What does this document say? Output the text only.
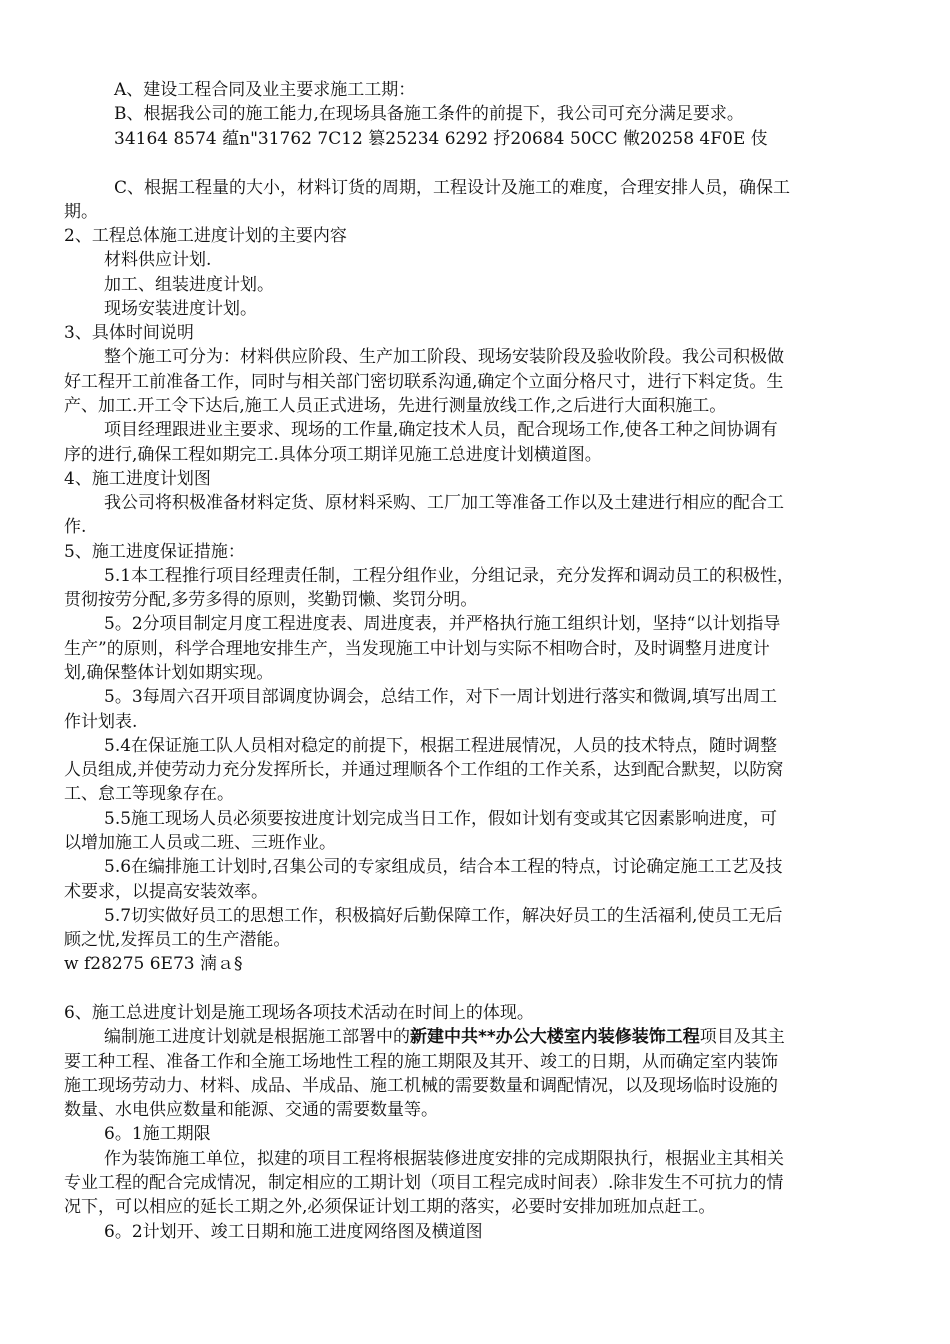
A、建设工程合同及业主要求施工工期：
B、根据我公司的施工能力,在现场具备施工条件的前提下，我公司可充分满足要求。
34164 8574 蕴n"31762 7C12 篡25234 6292 抒20684 50CC 僌20258 4F0E 伎
C、根据工程量的大小，材料订货的周期，工程设计及施工的难度，合理安排人员，确保工
期。
2、工程总体施工进度计划的主要内容
材料供应计划.
加工、组装进度计划。
现场安装进度计划。
3、具体时间说明
整个施工可分为：材料供应阶段、生产加工阶段、现场安装阶段及验收阶段。我公司积极做
好工程开工前准备工作，同时与相关部门密切联系沟通,确定个立面分格尺寸，进行下料定货。生
产、加工.开工令下达后,施工人员正式进场，先进行测量放线工作,之后进行大面积施工。
项目经理跟进业主要求、现场的工作量,确定技术人员，配合现场工作,使各工种之间协调有
序的进行,确保工程如期完工.具体分项工期详见施工总进度计划横道图。
4、施工进度计划图
我公司将积极准备材料定货、原材料采购、工厂加工等准备工作以及土建进行相应的配合工
作.
5、施工进度保证措施：
5.1本工程推行项目经理责任制，工程分组作业，分组记录，充分发挥和调动员工的积极性，
贯彻按劳分配,多劳多得的原则，奖勤罚懒、奖罚分明。
5。2分项目制定月度工程进度表、周进度表，并严格执行施工组织计划，坚持“以计划指导
生产”的原则，科学合理地安排生产，当发现施工中计划与实际不相吻合时，及时调整月进度计
划,确保整体计划如期实现。
5。3每周六召开项目部调度协调会，总结工作，对下一周计划进行落实和微调,填写出周工
作计划表.
5.4在保证施工队人员相对稳定的前提下，根据工程进展情况，人员的技术特点，随时调整
人员组成,并使劳动力充分发挥所长，并通过理顺各个工作组的工作关系，达到配合默契，以防窝
工、怠工等现象存在。
5.5施工现场人员必须要按进度计划完成当日工作，假如计划有变或其它因素影响进度，可
以增加施工人员或二班、三班作业。
5.6在编排施工计划时,召集公司的专家组成员，结合本工程的特点，讨论确定施工工艺及技
术要求，以提高安装效率。
5.7切实做好员工的思想工作，积极搞好后勤保障工作，解决好员工的生活福利,使员工无后
顾之忧,发挥员工的生产潜能。
w f28275 6E73 湳ａ§
6、施工总进度计划是施工现场各项技术活动在时间上的体现。
编制施工进度计划就是根据施工部署中的新建中共**办公大楼室内装修装饰工程项目及其主
要工种工程、准备工作和全施工场地性工程的施工期限及其开、竣工的日期，从而确定室内装饰
施工现场劳动力、材料、成品、半成品、施工机械的需要数量和调配情况，以及现场临时设施的
数量、水电供应数量和能源、交通的需要数量等。
6。1施工期限
作为装饰施工单位，拟建的项目工程将根据装修进度安排的完成期限执行，根据业主其相关
专业工程的配合完成情况，制定相应的工期计划（项目工程完成时间表）.除非发生不可抗力的情
况下，可以相应的延长工期之外,必须保证计划工期的落实，必要时安排加班加点赶工。
6。2计划开、竣工日期和施工进度网络图及横道图
